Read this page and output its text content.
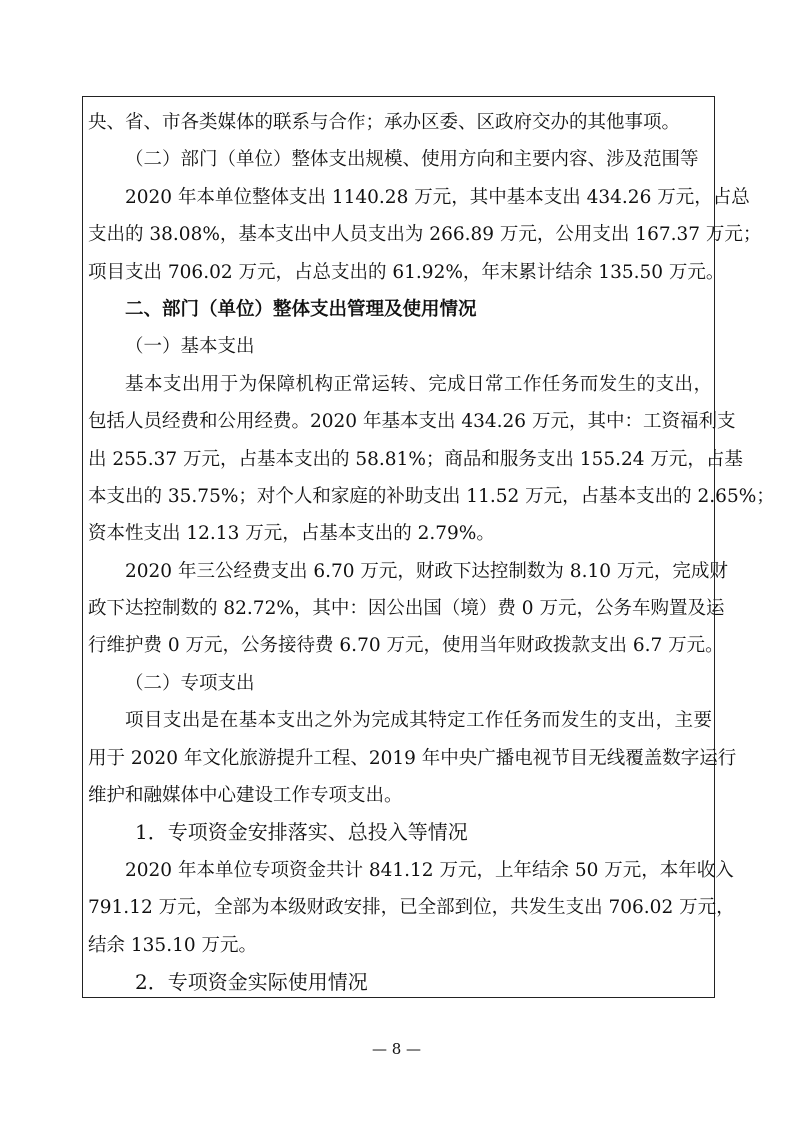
央、省、市各类媒体的联系与合作；承办区委、区政府交办的其他事项。
（二）部门（单位）整体支出规模、使用方向和主要内容、涉及范围等
2020 年本单位整体支出 1140.28 万元，其中基本支出 434.26 万元，占总
支出的 38.08%，基本支出中人员支出为 266.89 万元，公用支出 167.37 万元；
项目支出 706.02 万元，占总支出的 61.92%，年末累计结余 135.50 万元。
二、部门（单位）整体支出管理及使用情况
（一）基本支出
基本支出用于为保障机构正常运转、完成日常工作任务而发生的支出，
包括人员经费和公用经费。2020 年基本支出 434.26 万元，其中：工资福利支
出 255.37 万元，占基本支出的 58.81%；商品和服务支出 155.24 万元，占基
本支出的 35.75%；对个人和家庭的补助支出 11.52 万元，占基本支出的 2.65%；
资本性支出 12.13 万元，占基本支出的 2.79%。
2020 年三公经费支出 6.70 万元，财政下达控制数为 8.10 万元，完成财
政下达控制数的 82.72%，其中：因公出国（境）费 0 万元，公务车购置及运
行维护费 0 万元，公务接待费 6.70 万元，使用当年财政拨款支出 6.7 万元。
（二）专项支出
项目支出是在基本支出之外为完成其特定工作任务而发生的支出，主要
用于 2020 年文化旅游提升工程、2019 年中央广播电视节目无线覆盖数字运行
维护和融媒体中心建设工作专项支出。
1．专项资金安排落实、总投入等情况
2020 年本单位专项资金共计 841.12 万元，上年结余 50 万元，本年收入
791.12 万元，全部为本级财政安排，已全部到位，共发生支出 706.02 万元，
结余 135.10 万元。
2．专项资金实际使用情况
— 8 —
